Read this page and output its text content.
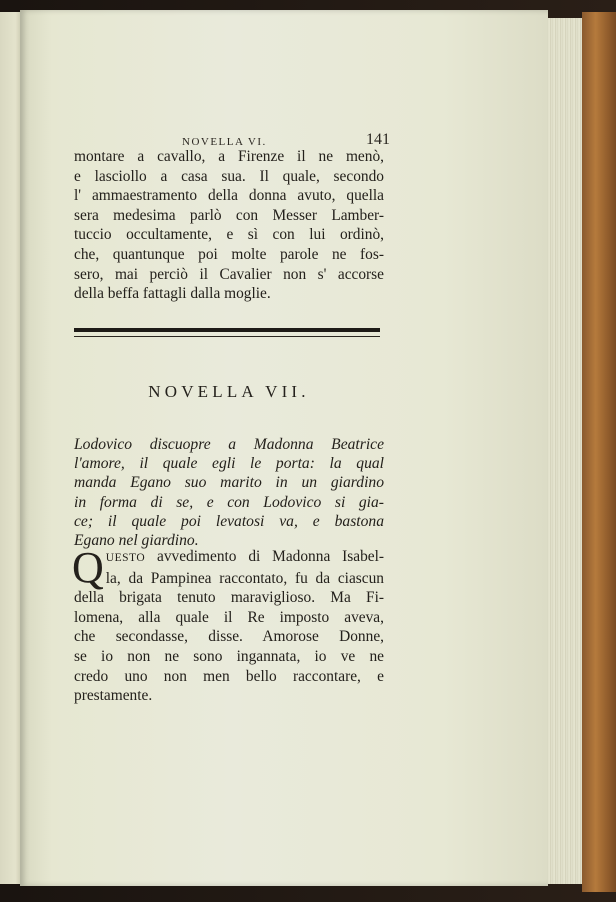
NOVELLA VI.	141
montare a cavallo, a Firenze il ne menò,
e lasciollo a casa sua. Il quale, secondo
l' ammaestramento della donna avuto, quella
sera medesima parlò con Messer Lamber-
tuccio occultamente, e sì con lui ordinò,
che, quantunque poi molte parole ne fos-
sero, mai perciò il Cavalier non s' accorse
della beffa fattagli dalla moglie.
NOVELLA VII.
Lodovico discuopre a Madonna Beatrice
l'amore, il quale egli le porta: la qual
manda Egano suo marito in un giardino
in forma di se, e con Lodovico si gia-
ce; il quale poi levatosi va, e bastona
Egano nel giardino.
Q UESTO avvedimento di Madonna Isabel-
la, da Pampinea raccontato, fu da ciascun
della brigata tenuto maraviglioso. Ma Fi-
lomena, alla quale il Re imposto aveva,
che secondasse, disse. Amorose Donne,
se io non ne sono ingannata, io ve ne
credo uno non men bello raccontare, e
prestamente.
